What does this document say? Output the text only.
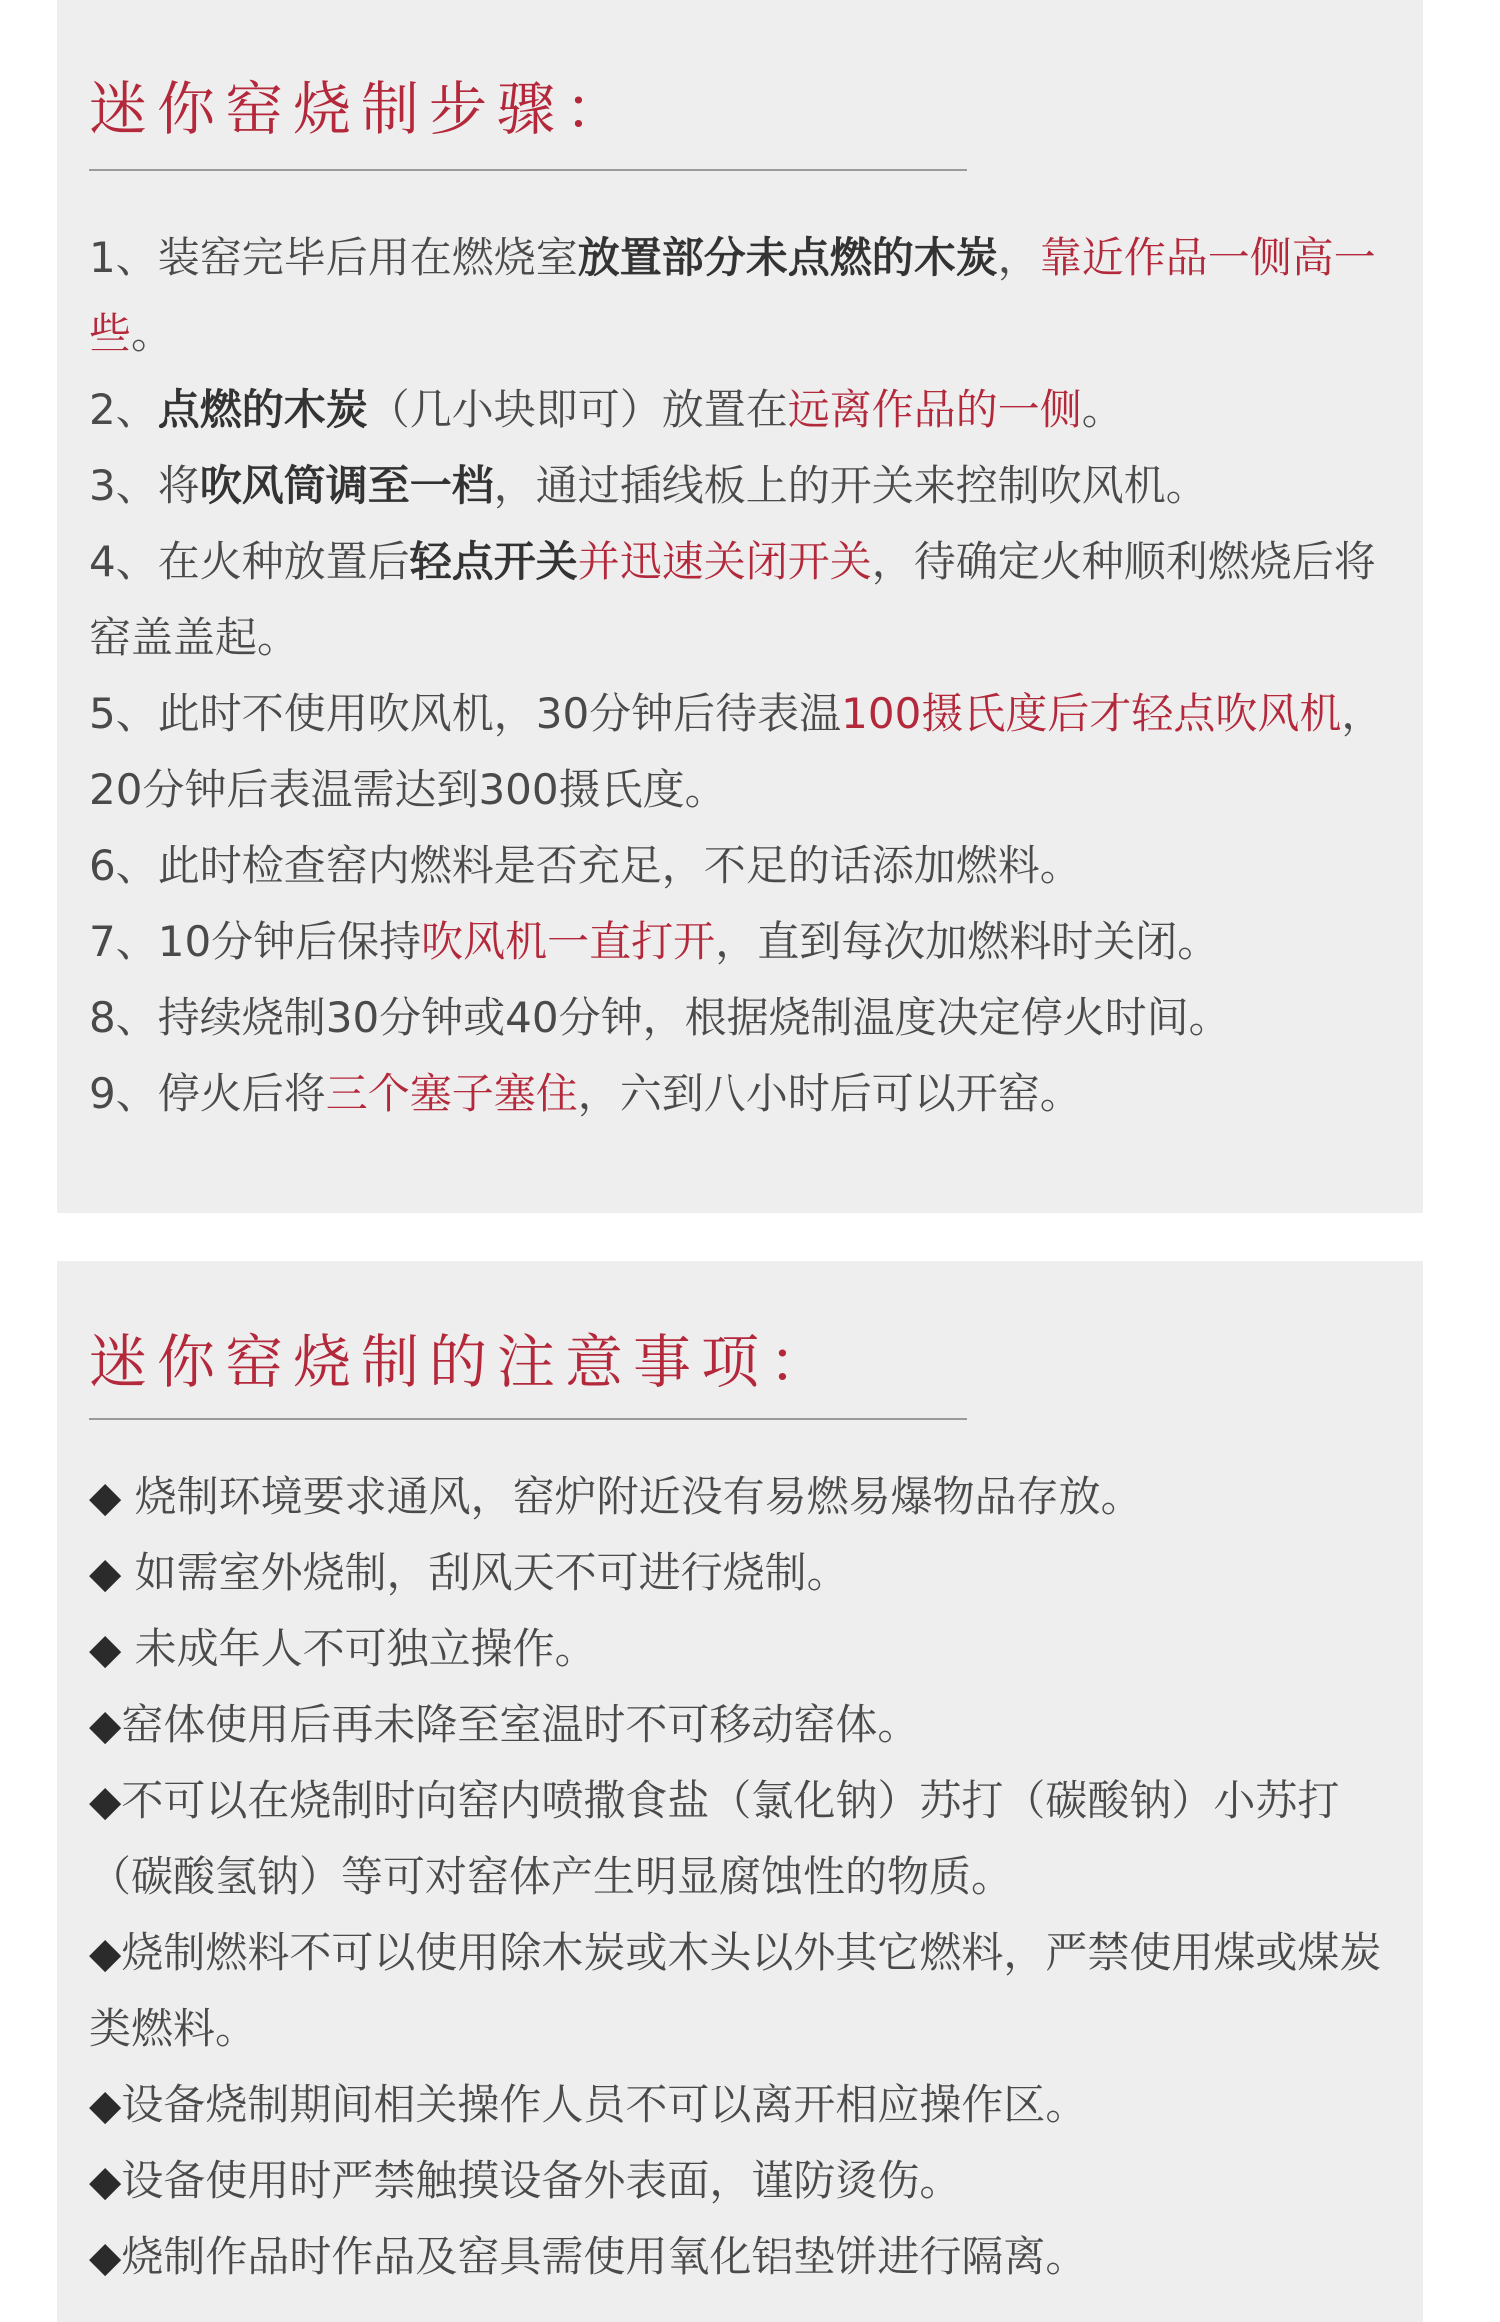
迷你窑烧制步骤：
1、装窑完毕后用在燃烧室放置部分未点燃的木炭，靠近作品一侧高一些。
2、点燃的木炭（几小块即可）放置在远离作品的一侧。
3、将吹风筒调至一档，通过插线板上的开关来控制吹风机。
4、在火种放置后轻点开关并迅速关闭开关，待确定火种顺利燃烧后将窑盖盖起。
5、此时不使用吹风机，30分钟后待表温100摄氏度后才轻点吹风机，20分钟后表温需达到300摄氏度。
6、此时检查窑内燃料是否充足，不足的话添加燃料。
7、10分钟后保持吹风机一直打开，直到每次加燃料时关闭。
8、持续烧制30分钟或40分钟，根据烧制温度决定停火时间。
9、停火后将三个塞子塞住，六到八小时后可以开窑。
迷你窑烧制的注意事项：
◆ 烧制环境要求通风，窑炉附近没有易燃易爆物品存放。
◆ 如需室外烧制，刮风天不可进行烧制。
◆ 未成年人不可独立操作。
◆窑体使用后再未降至室温时不可移动窑体。
◆不可以在烧制时向窑内喷撒食盐（氯化钠）苏打（碳酸钠）小苏打（碳酸氢钠）等可对窑体产生明显腐蚀性的物质。
◆烧制燃料不可以使用除木炭或木头以外其它燃料，严禁使用煤或煤炭类燃料。
◆设备烧制期间相关操作人员不可以离开相应操作区。
◆设备使用时严禁触摸设备外表面，谨防烫伤。
◆烧制作品时作品及窑具需使用氧化铝垫饼进行隔离。
